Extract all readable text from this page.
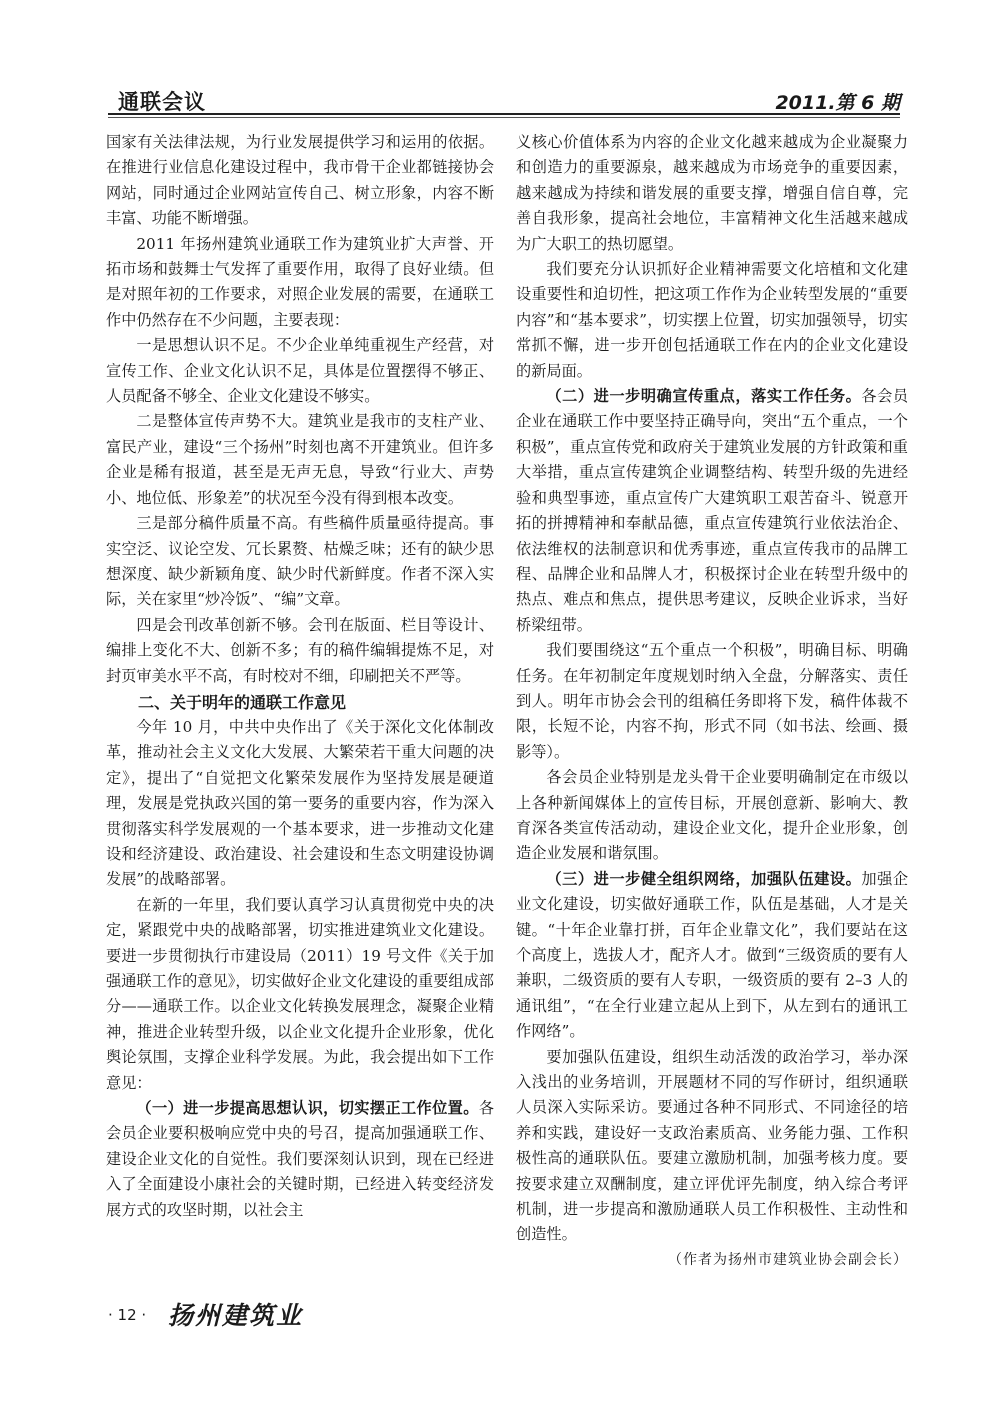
通联会议	2011.第 6 期

国家有关法律法规，为行业发展提供学习和运用的依据。在推进行业信息化建设过程中，我市骨干企业都链接协会网站，同时通过企业网站宣传自己、树立形象，内容不断丰富、功能不断增强。

2011 年扬州建筑业通联工作为建筑业扩大声誉、开拓市场和鼓舞士气发挥了重要作用，取得了良好业绩。但是对照年初的工作要求，对照企业发展的需要，在通联工作中仍然存在不少问题，主要表现：

一是思想认识不足。不少企业单纯重视生产经营，对宣传工作、企业文化认识不足，具体是位置摆得不够正、人员配备不够全、企业文化建设不够实。

二是整体宣传声势不大。建筑业是我市的支柱产业、富民产业，建设“三个扬州”时刻也离不开建筑业。但许多企业是稀有报道，甚至是无声无息，导致“行业大、声势小、地位低、形象差”的状况至今没有得到根本改变。

三是部分稿件质量不高。有些稿件质量亟待提高。事实空泛、议论空发、冗长累赘、枯燥乏味；还有的缺少思想深度、缺少新颖角度、缺少时代新鲜度。作者不深入实际，关在家里“炒冷饭”、“编”文章。

四是会刊改革创新不够。会刊在版面、栏目等设计、编排上变化不大、创新不多；有的稿件编辑提炼不足，对封页审美水平不高，有时校对不细，印刷把关不严等。

二、关于明年的通联工作意见

今年 10 月，中共中央作出了《关于深化文化体制改革，推动社会主义文化大发展、大繁荣若干重大问题的决定》，提出了“自觉把文化繁荣发展作为坚持发展是硬道理，发展是党执政兴国的第一要务的重要内容，作为深入贯彻落实科学发展观的一个基本要求，进一步推动文化建设和经济建设、政治建设、社会建设和生态文明建设协调发展”的战略部署。

在新的一年里，我们要认真学习认真贯彻党中央的决定，紧跟党中央的战略部署，切实推进建筑业文化建设。要进一步贯彻执行市建设局（2011）19 号文件《关于加强通联工作的意见》，切实做好企业文化建设的重要组成部分——通联工作。以企业文化转换发展理念，凝聚企业精神，推进企业转型升级，以企业文化提升企业形象，优化舆论氛围，支撑企业科学发展。为此，我会提出如下工作意见：

（一）进一步提高思想认识，切实摆正工作位置。各会员企业要积极响应党中央的号召，提高加强通联工作、建设企业文化的自觉性。我们要深刻认识到，现在已经进入了全面建设小康社会的关键时期，已经进入转变经济发展方式的攻坚时期，以社会主

义核心价值体系为内容的企业文化越来越成为企业凝聚力和创造力的重要源泉，越来越成为市场竞争的重要因素，越来越成为持续和谐发展的重要支撑，增强自信自尊，完善自我形象，提高社会地位，丰富精神文化生活越来越成为广大职工的热切愿望。

我们要充分认识抓好企业精神需要文化培植和文化建设重要性和迫切性，把这项工作作为企业转型发展的“重要内容”和“基本要求”，切实摆上位置，切实加强领导，切实常抓不懈，进一步开创包括通联工作在内的企业文化建设的新局面。

（二）进一步明确宣传重点，落实工作任务。各会员企业在通联工作中要坚持正确导向，突出“五个重点，一个积极”，重点宣传党和政府关于建筑业发展的方针政策和重大举措，重点宣传建筑企业调整结构、转型升级的先进经验和典型事迹，重点宣传广大建筑职工艰苦奋斗、锐意开拓的拼搏精神和奉献品德，重点宣传建筑行业依法治企、依法维权的法制意识和优秀事迹，重点宣传我市的品牌工程、品牌企业和品牌人才，积极探讨企业在转型升级中的热点、难点和焦点，提供思考建议，反映企业诉求，当好桥梁纽带。

我们要围绕这“五个重点一个积极”，明确目标、明确任务。在年初制定年度规划时纳入全盘，分解落实、责任到人。明年市协会会刊的组稿任务即将下发，稿件体裁不限，长短不论，内容不拘，形式不同（如书法、绘画、摄影等）。

各会员企业特别是龙头骨干企业要明确制定在市级以上各种新闻媒体上的宣传目标，开展创意新、影响大、教育深各类宣传活动动，建设企业文化，提升企业形象，创造企业发展和谐氛围。

（三）进一步健全组织网络，加强队伍建设。加强企业文化建设，切实做好通联工作，队伍是基础，人才是关键。“十年企业靠打拼，百年企业靠文化”，我们要站在这个高度上，选拔人才，配齐人才。做到“三级资质的要有人兼职，二级资质的要有人专职，一级资质的要有 2–3 人的通讯组”，“在全行业建立起从上到下，从左到右的通讯工作网络”。

要加强队伍建设，组织生动活泼的政治学习，举办深入浅出的业务培训，开展题材不同的写作研讨，组织通联人员深入实际采访。要通过各种不同形式、不同途径的培养和实践，建设好一支政治素质高、业务能力强、工作积极性高的通联队伍。要建立激励机制，加强考核力度。要按要求建立双酬制度，建立评优评先制度，纳入综合考评机制，进一步提高和激励通联人员工作积极性、主动性和创造性。

（作者为扬州市建筑业协会副会长）

· 12 · 扬州建筑业
